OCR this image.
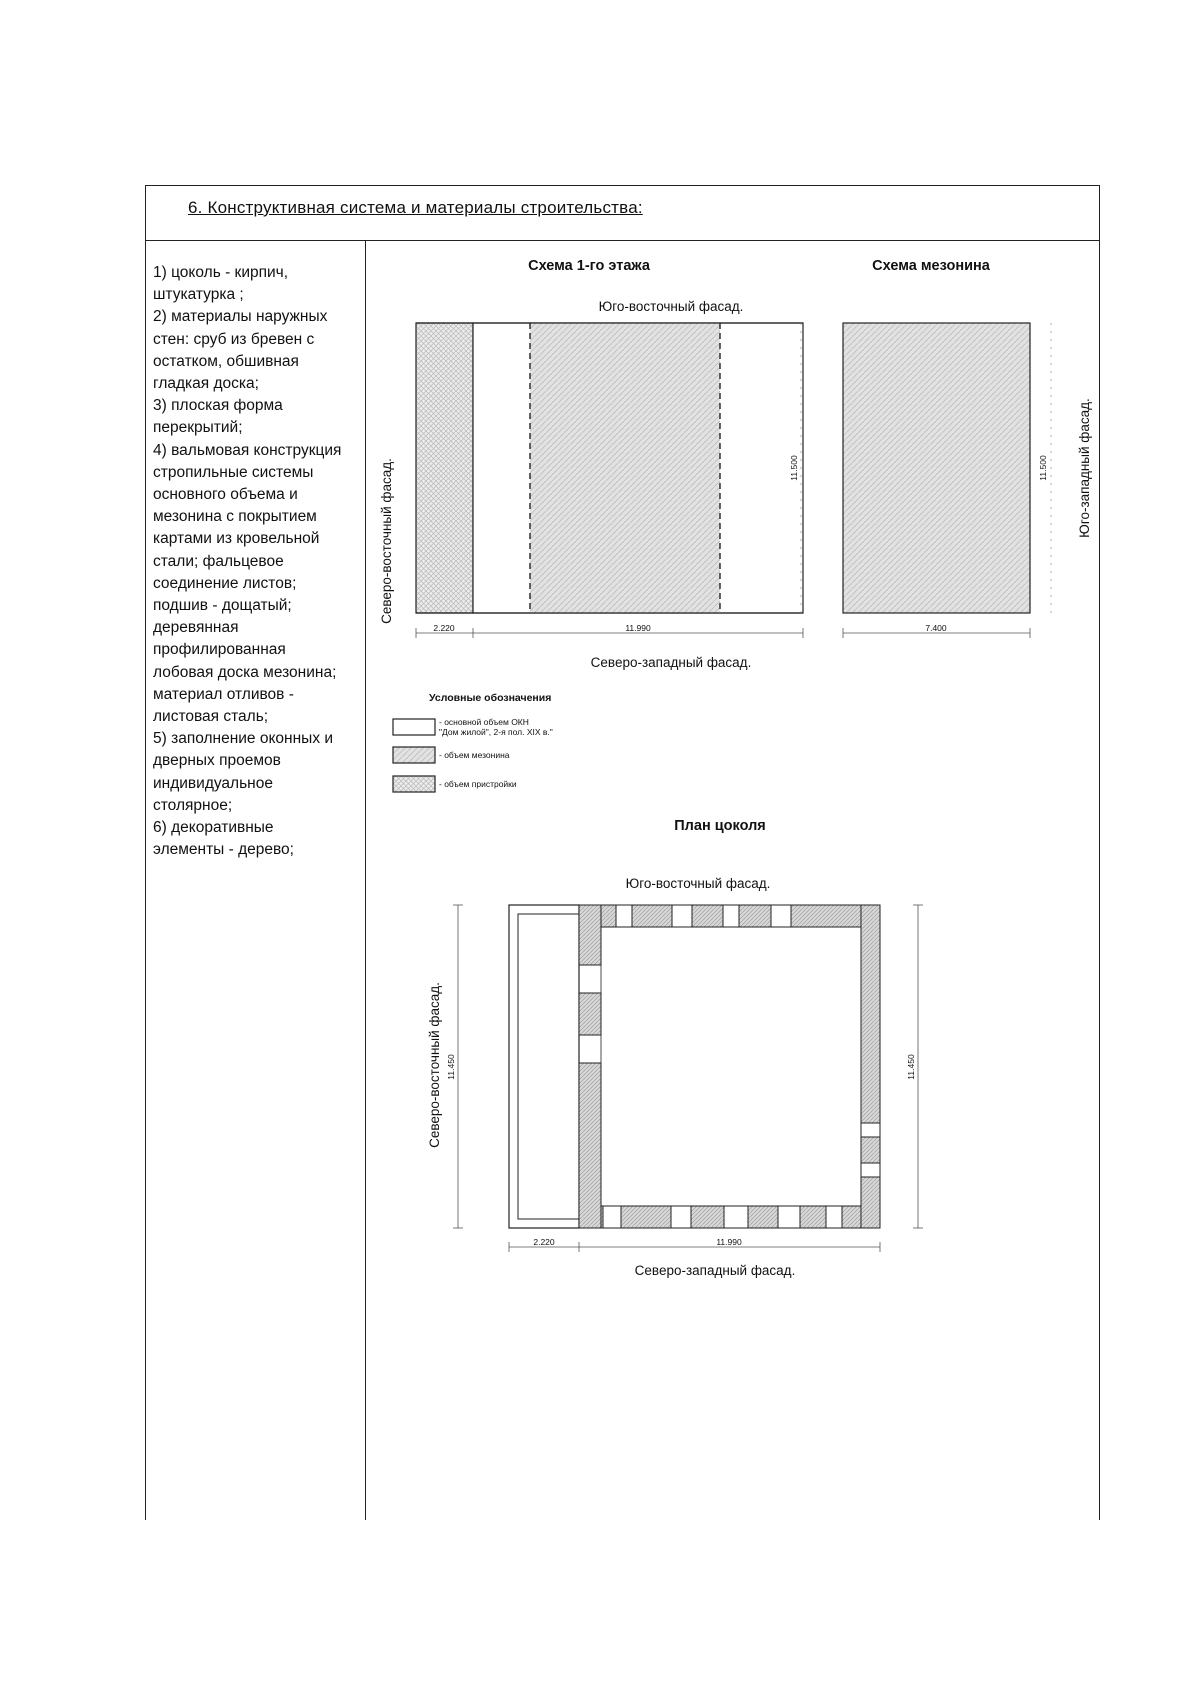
6. Конструктивная система и материалы строительства:
1) цоколь - кирпич,
штукатурка ;
2) материалы наружных
стен: сруб из бревен с
остатком, обшивная
гладкая доска;
3) плоская форма
перекрытий;
4) вальмовая конструкция
стропильные системы
основного объема и
мезонина с покрытием
картами из кровельной
стали; фальцевое
соединение листов;
подшив - дощатый;
деревянная
профилированная
лобовая доска мезонина;
материал отливов -
листовая сталь;
5) заполнение оконных и
дверных проемов
индивидуальное
столярное;
6) декоративные
элементы - дерево;
Схема 1-го этажа
Юго-восточный фасад.
Северо-восточный фасад.
2.220	11.990
11.500
Северо-западный фасад.
Схема мезонина
7.400
11.500 Юго-западный фасад.
Условные обозначения
- основной объем ОКН
"Дом жилой", 2-я пол. XIX в."
- объем мезонина
- объем пристройки
План цоколя
Юго-восточный фасад.
11.450	11.450
2.220	11.990
Северо-восточный фасад.
Северо-западный фасад.
